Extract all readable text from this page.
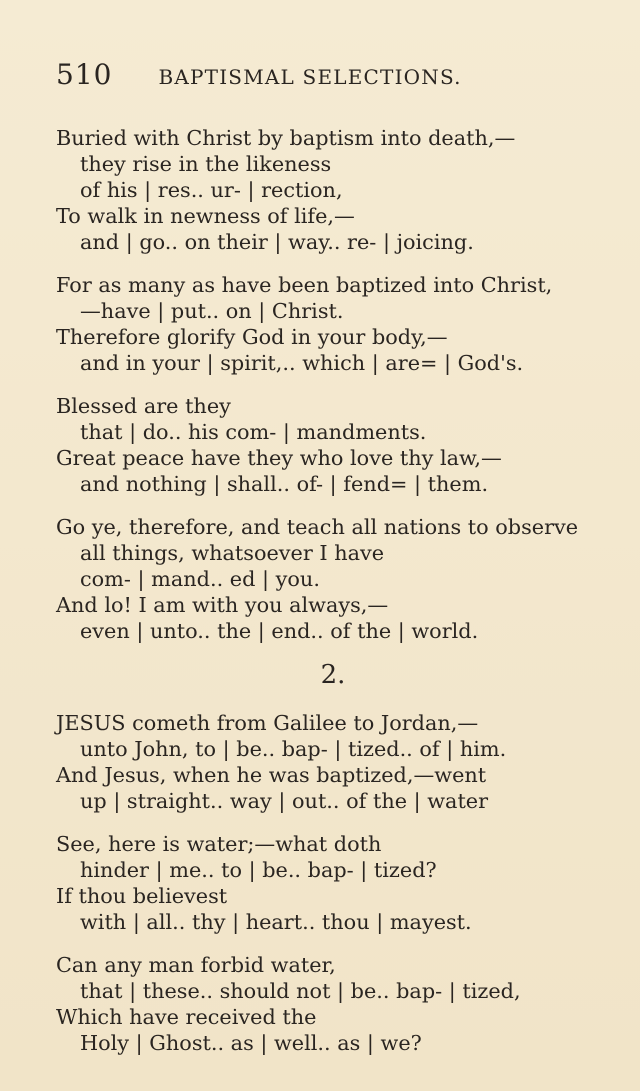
510 BAPTISMAL SELECTIONS.
Buried with Christ by baptism into death,—
they rise in the likeness
of his | res.. ur- | rection,
To walk in newness of life,—
and | go.. on their | way.. re- | joicing.
For as many as have been baptized into Christ,
—have | put.. on | Christ.
Therefore glorify God in your body,—
and in your | spirit,.. which | are= | God's.
Blessed are they
that | do.. his com- | mandments.
Great peace have they who love thy law,—
and nothing | shall.. of- | fend= | them.
Go ye, therefore, and teach all nations to observe
all things, whatsoever I have
com- | mand.. ed | you.
And lo! I am with you always,—
even | unto.. the | end.. of the | world.
2.
JESUS cometh from Galilee to Jordan,—
unto John, to | be.. bap- | tized.. of | him.
And Jesus, when he was baptized,—went
up | straight.. way | out.. of the | water
See, here is water;—what doth
hinder | me.. to | be.. bap- | tized?
If thou believest
with | all.. thy | heart.. thou | mayest.
Can any man forbid water,
that | these.. should not | be.. bap- | tized,
Which have received the
Holy | Ghost.. as | well.. as | we?
